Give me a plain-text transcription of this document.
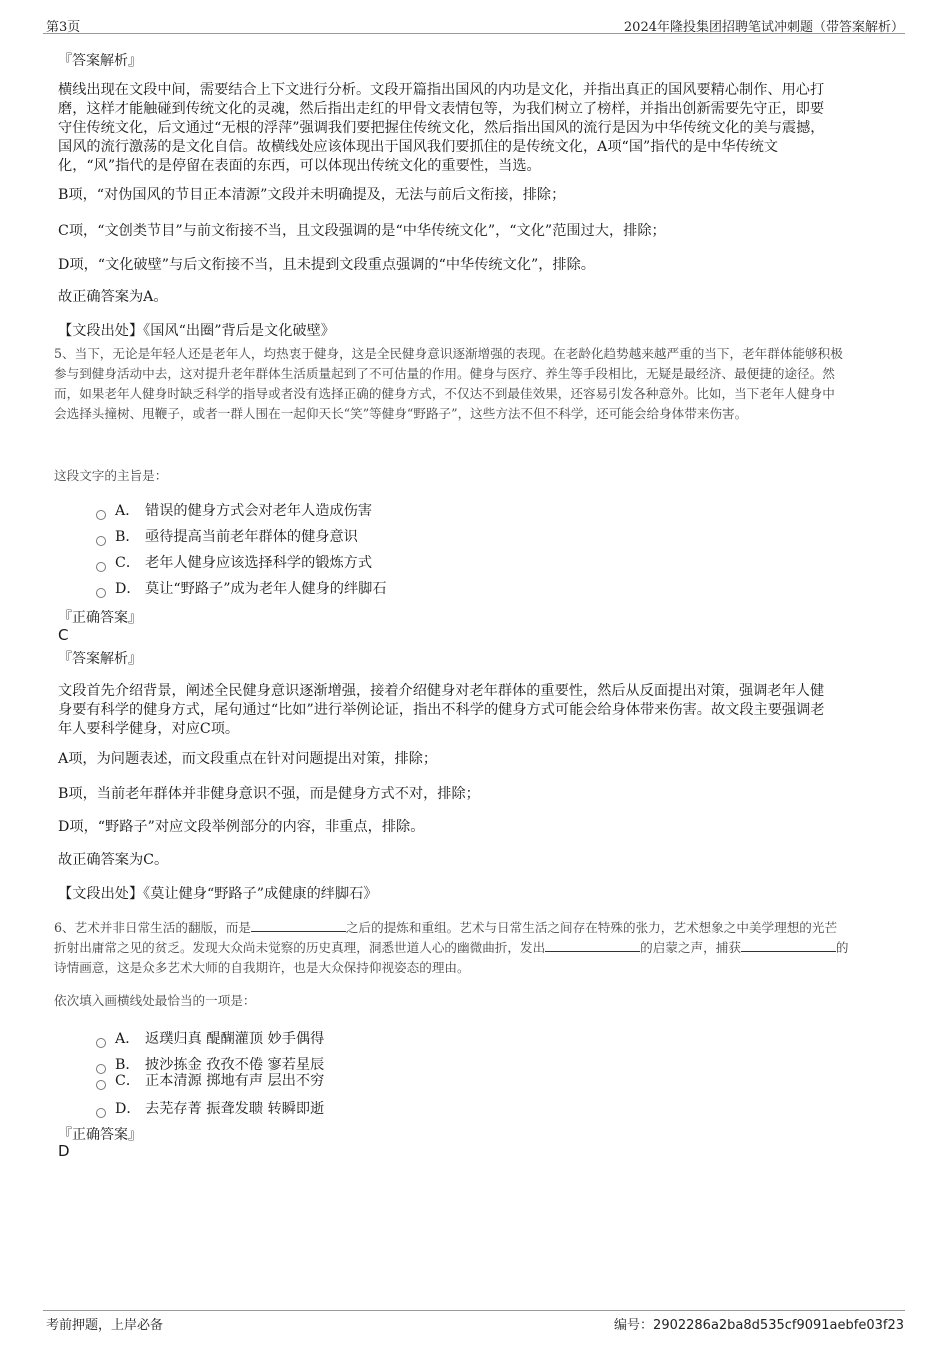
第3页	2024年隆投集团招聘笔试冲刺题（带答案解析）
『答案解析』
横线出现在文段中间，需要结合上下文进行分析。文段开篇指出国风的内功是文化，并指出真正的国风要精心制作、用心打
磨，这样才能触碰到传统文化的灵魂，然后指出走红的甲骨文表情包等，为我们树立了榜样，并指出创新需要先守正，即要
守住传统文化，后文通过“无根的浮萍”强调我们要把握住传统文化，然后指出国风的流行是因为中华传统文化的美与震撼，
国风的流行激荡的是文化自信。故横线处应该体现出于国风我们要抓住的是传统文化，A项“国”指代的是中华传统文
化，“风”指代的是停留在表面的东西，可以体现出传统文化的重要性，当选。
B项，“对伪国风的节目正本清源”文段并未明确提及，无法与前后文衔接，排除；
C项，“文创类节目”与前文衔接不当，且文段强调的是“中华传统文化”，“文化”范围过大，排除；
D项，“文化破壁”与后文衔接不当，且未提到文段重点强调的“中华传统文化”，排除。
故正确答案为A。
【文段出处】《国风“出圈”背后是文化破壁》
5、当下，无论是年轻人还是老年人，均热衷于健身，这是全民健身意识逐渐增强的表现。在老龄化趋势越来越严重的当下，老年群体能够积极
参与到健身活动中去，这对提升老年群体生活质量起到了不可估量的作用。健身与医疗、养生等手段相比，无疑是最经济、最便捷的途径。然
而，如果老年人健身时缺乏科学的指导或者没有选择正确的健身方式，不仅达不到最佳效果，还容易引发各种意外。比如，当下老年人健身中
会选择头撞树、甩鞭子，或者一群人围在一起仰天长“笑”等健身“野路子”，这些方法不但不科学，还可能会给身体带来伤害。
这段文字的主旨是：
A． 错误的健身方式会对老年人造成伤害
B． 亟待提高当前老年群体的健身意识
C． 老年人健身应该选择科学的锻炼方式
D． 莫让“野路子”成为老年人健身的绊脚石
『正确答案』
C
『答案解析』
文段首先介绍背景，阐述全民健身意识逐渐增强，接着介绍健身对老年群体的重要性，然后从反面提出对策，强调老年人健
身要有科学的健身方式，尾句通过“比如”进行举例论证，指出不科学的健身方式可能会给身体带来伤害。故文段主要强调老
年人要科学健身，对应C项。
A项，为问题表述，而文段重点在针对问题提出对策，排除；
B项，当前老年群体并非健身意识不强，而是健身方式不对，排除；
D项，“野路子”对应文段举例部分的内容，非重点，排除。
故正确答案为C。
【文段出处】《莫让健身“野路子”成健康的绊脚石》
6、艺术并非日常生活的翻版，而是	之后的提炼和重组。艺术与日常生活之间存在特殊的张力，艺术想象之中美学理想的光芒
折射出庸常之见的贫乏。发现大众尚未觉察的历史真理，洞悉世道人心的幽微曲折，发出	的启蒙之声，捕获	的
诗情画意，这是众多艺术大师的自我期许，也是大众保持仰视姿态的理由。
依次填入画横线处最恰当的一项是：
A． 返璞归真 醍醐灌顶 妙手偶得
B． 披沙拣金 孜孜不倦 寥若星辰
C． 正本清源 掷地有声 层出不穷
D． 去芜存菁 振聋发聩 转瞬即逝
『正确答案』
D
考前押题，上岸必备	编号：2902286a2ba8d535cf9091aebfe03f23
